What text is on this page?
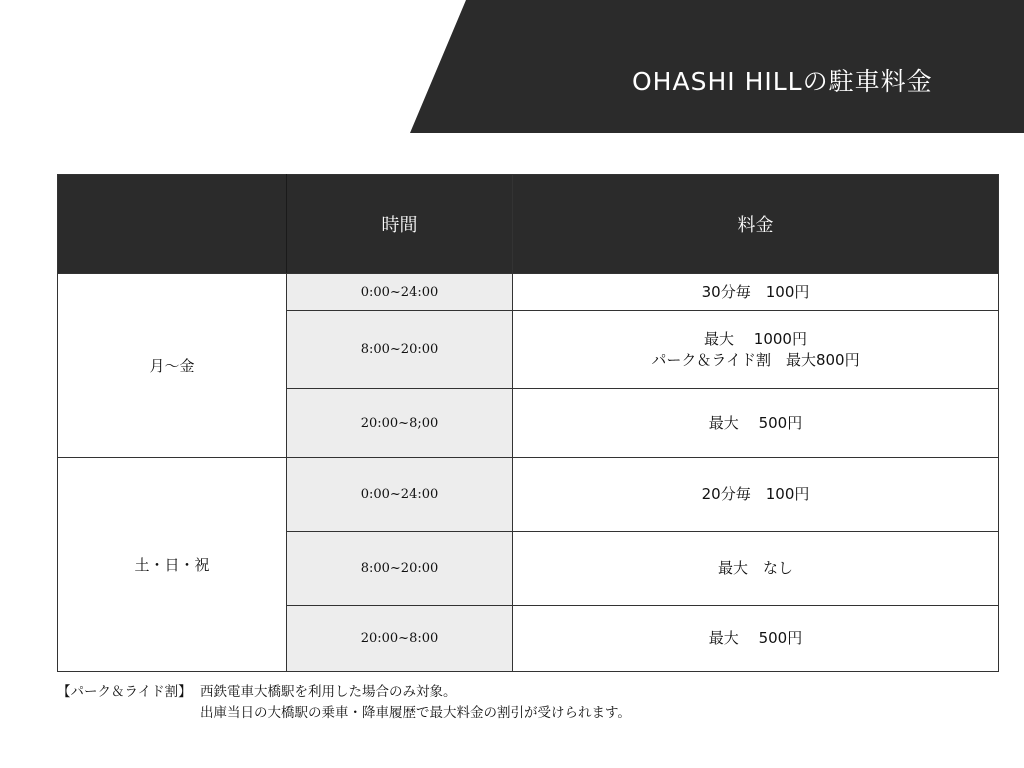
OHASHI HILLの駐車料金
	時間	料金
月～金	0:00~24:00	30分毎　100円

	8:00~20:00	最大　 1000円
パーク＆ライド割　最大800円

	20:00~8;00	最大　 500円

土・日・祝	0:00~24:00	20分毎　100円

	8:00~20:00	最大　なし

	20:00~8:00	最大　 500円
【パーク＆ライド割】 西鉄電車大橋駅を利用した場合のみ対象。
出庫当日の大橋駅の乗車・降車履歴で最大料金の割引が受けられます。
